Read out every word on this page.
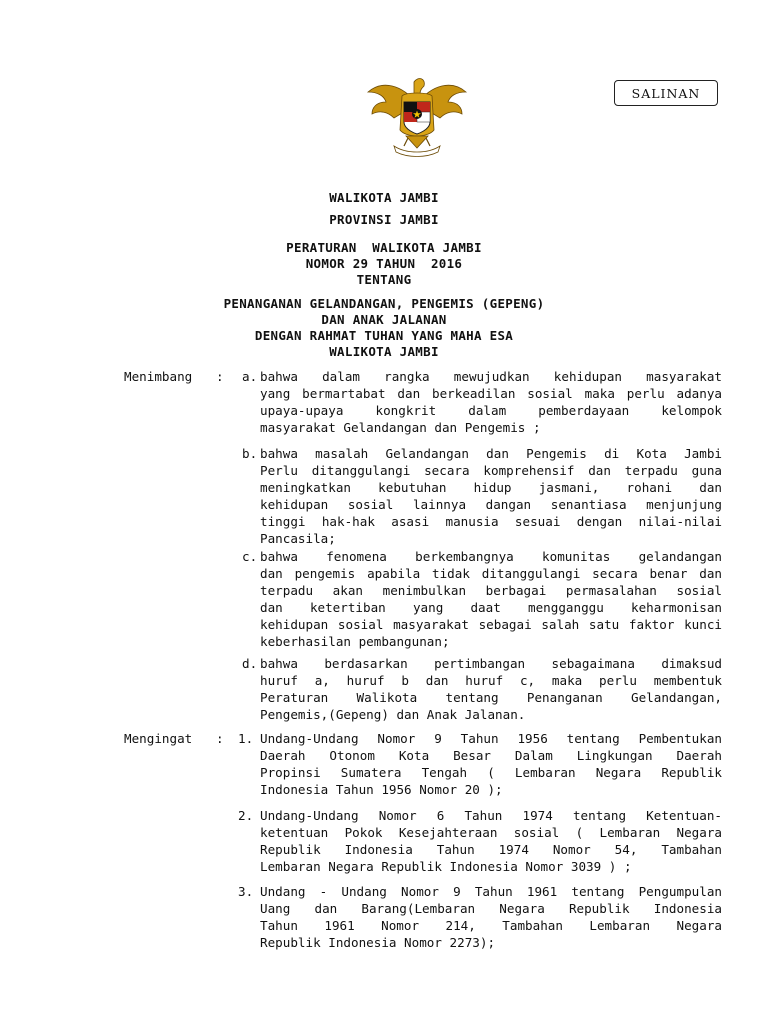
SALINAN
WALIKOTA JAMBI
PROVINSI JAMBI
PERATURAN  WALIKOTA JAMBI
NOMOR 29 TAHUN  2016
TENTANG
PENANGANAN GELANDANGAN, PENGEMIS (GEPENG)
DAN ANAK JALANAN
DENGAN RAHMAT TUHAN YANG MAHA ESA
WALIKOTA JAMBI
Menimbang : a. bahwa dalam rangka mewujudkan kehidupan masyarakat
yang bermartabat dan berkeadilan sosial maka perlu adanya
upaya-upaya kongkrit dalam pemberdayaan kelompok
masyarakat Gelandangan dan Pengemis ;
b. bahwa masalah Gelandangan dan Pengemis di Kota Jambi
Perlu ditanggulangi secara komprehensif dan terpadu guna
meningkatkan kebutuhan hidup jasmani, rohani dan
kehidupan sosial lainnya dangan senantiasa menjunjung
tinggi hak-hak asasi manusia sesuai dengan nilai-nilai
Pancasila;
c. bahwa fenomena berkembangnya komunitas gelandangan
dan pengemis apabila tidak ditanggulangi secara benar dan
terpadu akan menimbulkan berbagai permasalahan sosial
dan ketertiban yang daat mengganggu keharmonisan
kehidupan sosial masyarakat sebagai salah satu faktor kunci
keberhasilan pembangunan;
d. bahwa berdasarkan pertimbangan sebagaimana dimaksud
huruf a, huruf b dan huruf c, maka perlu membentuk
Peraturan Walikota tentang Penanganan Gelandangan,
Pengemis,(Gepeng) dan Anak Jalanan.
Mengingat : 1. Undang-Undang Nomor 9 Tahun 1956 tentang Pembentukan
Daerah Otonom Kota Besar Dalam Lingkungan Daerah
Propinsi Sumatera Tengah ( Lembaran Negara Republik
Indonesia Tahun 1956 Nomor 20 );
2. Undang-Undang Nomor 6 Tahun 1974 tentang Ketentuan-
ketentuan Pokok Kesejahteraan sosial ( Lembaran Negara
Republik Indonesia Tahun 1974 Nomor 54, Tambahan
Lembaran Negara Republik Indonesia Nomor 3039 ) ;
3. Undang - Undang Nomor 9 Tahun 1961 tentang Pengumpulan
Uang dan Barang(Lembaran Negara Republik Indonesia
Tahun 1961 Nomor 214, Tambahan Lembaran Negara
Republik Indonesia Nomor 2273);
